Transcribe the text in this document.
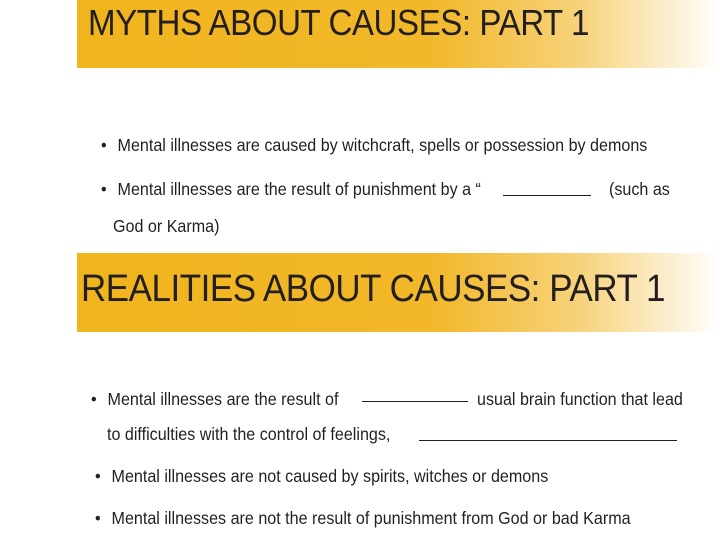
MYTHS ABOUT CAUSES: PART 1
• Mental illnesses are caused by witchcraft, spells or possession by demons
• Mental illnesses are the result of punishment by a “	(such as
God or Karma)
REALITIES ABOUT CAUSES: PART 1
• Mental illnesses are the result of	usual brain function that lead
to difficulties with the control of feelings,
• Mental illnesses are not caused by spirits, witches or demons
• Mental illnesses are not the result of punishment from God or bad Karma
